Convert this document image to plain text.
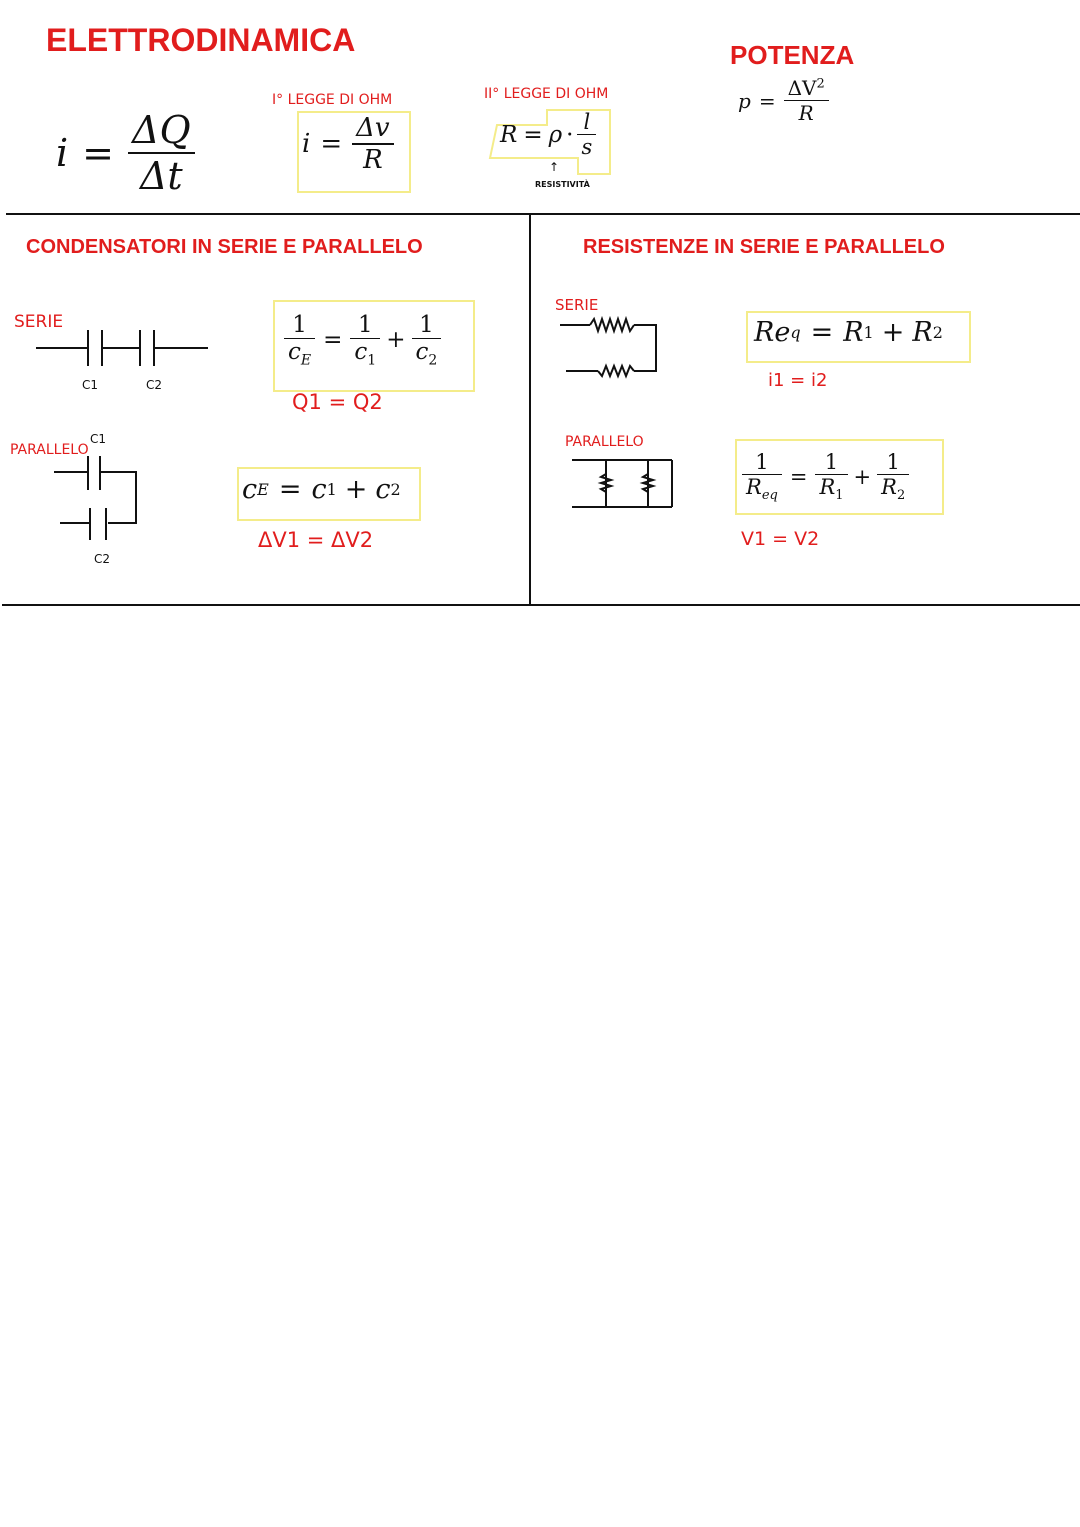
ELETTRODINAMICA	POTENZA
$i = \frac{\Delta Q}{\Delta t}$
I° LEGGE DI OHM
$i = \frac{\Delta v}{R}$
II° LEGGE DI OHM
$R = \rho \cdot \frac{l}{s}$
↑
RESISTIVITÀ
$p = \frac{\Delta V^2}{R}$
CONDENSATORI IN SERIE E PARALLELO
SERIE
C1	C2
$\frac{1}{c_E} = \frac{1}{c_1} + \frac{1}{c_2}$
Q1 = Q2
PARALLELO
C1
C2
c E = c 1 + c 2
ΔV1 = ΔV2
RESISTENZE IN SERIE E PARALLELO
SERIE
Re q = R 1 + R 2
i1 = i2
PARALLELO
$\frac{1}{R_{eq}} = \frac{1}{R_1} + \frac{1}{R_2}$
V1 = V2
